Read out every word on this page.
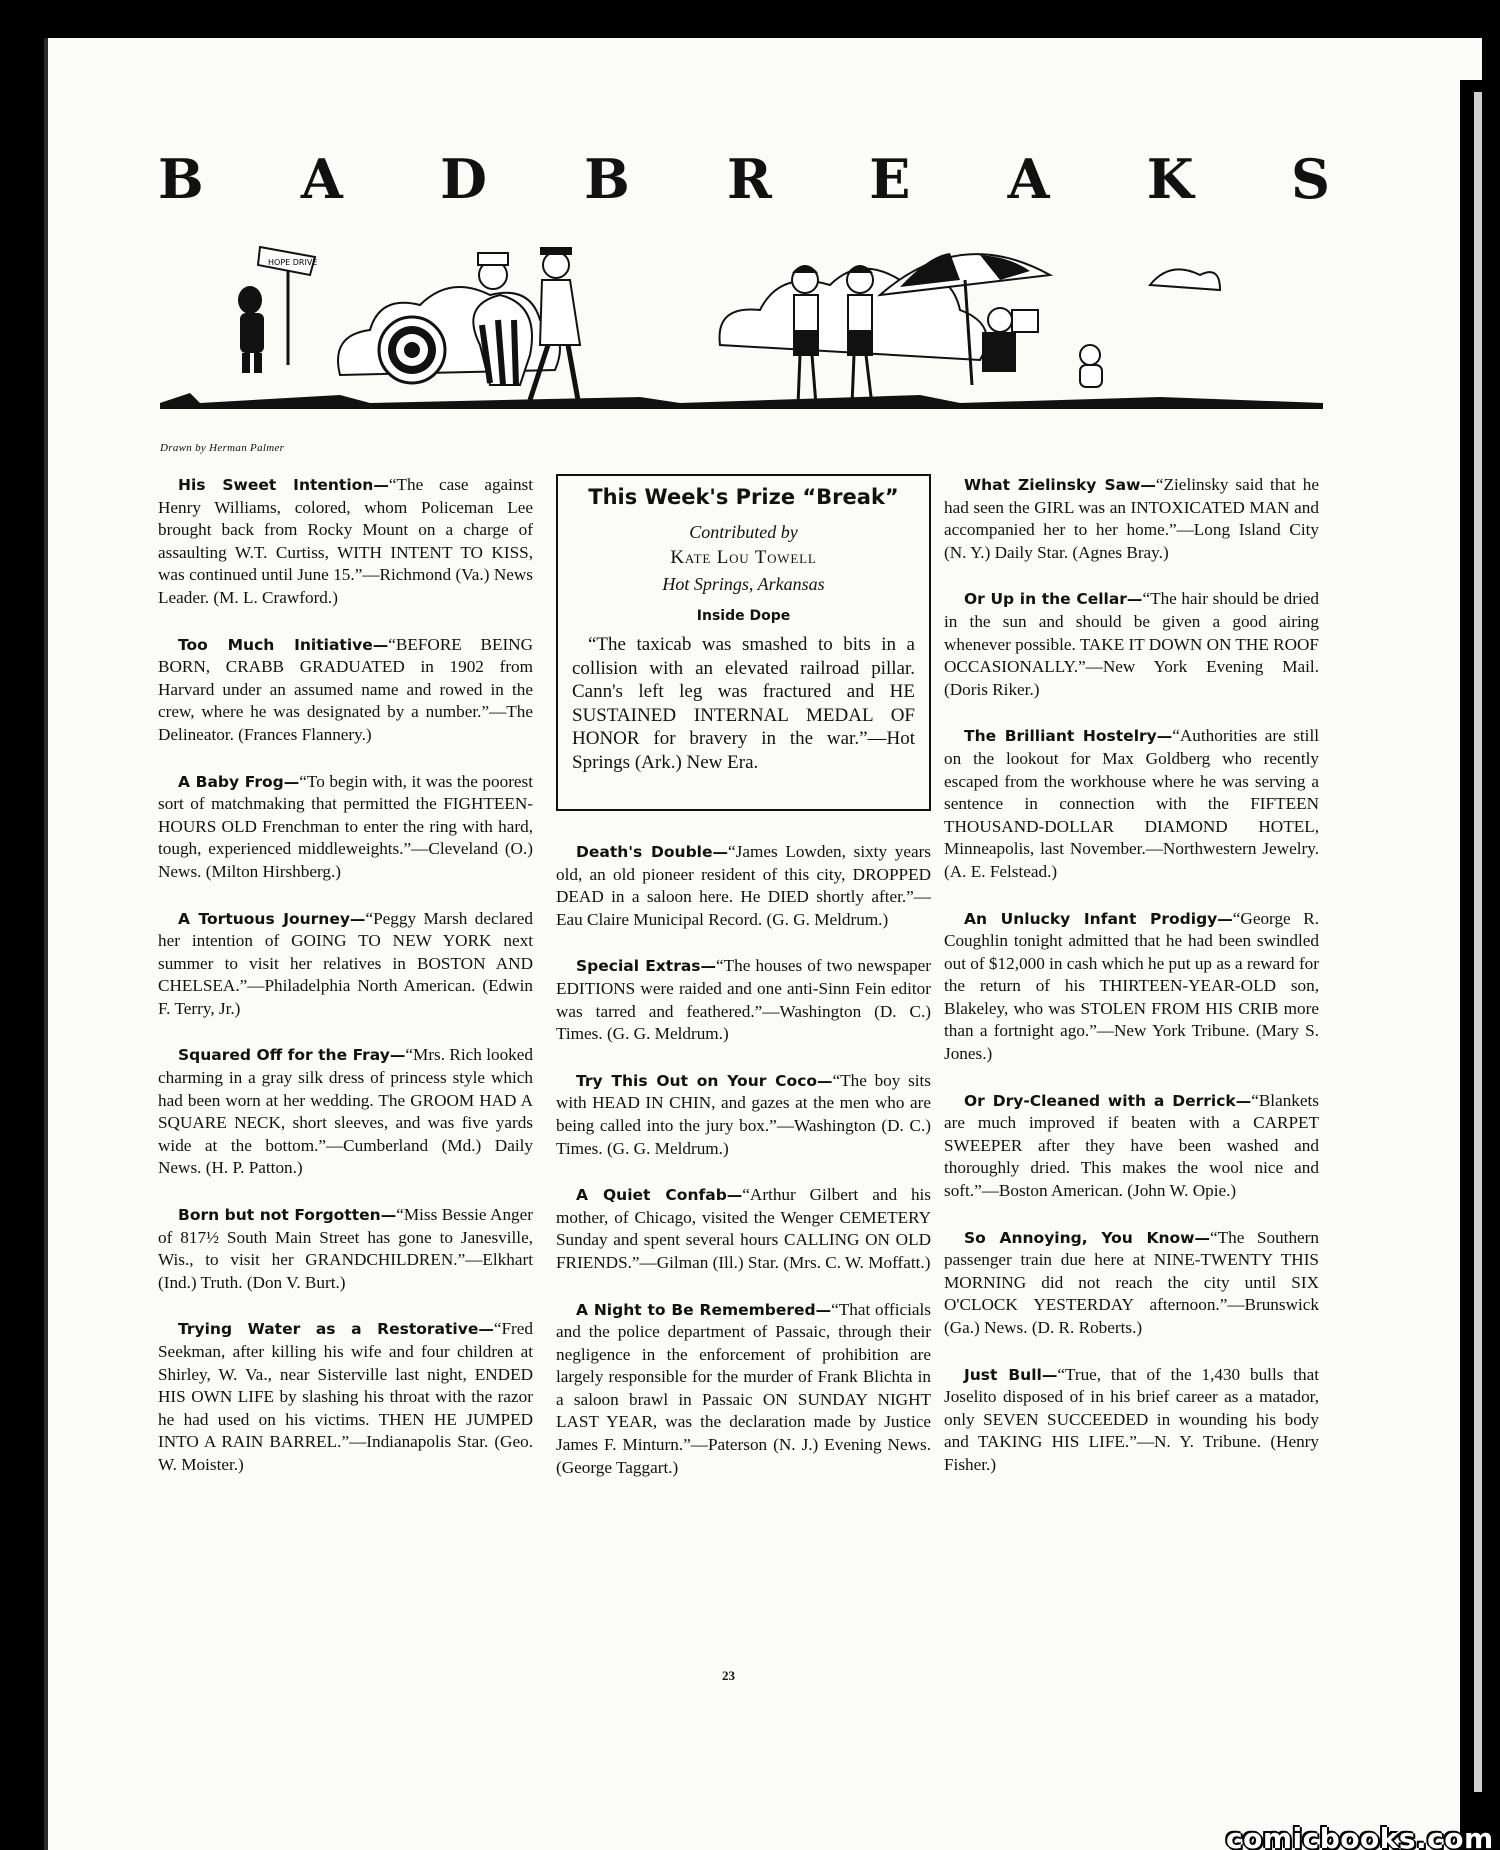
B A D B R E A K S
HOPE DRIVE
Drawn by Herman Palmer

His Sweet Intention—“The case against Henry Williams, colored, whom Policeman Lee brought back from Rocky Mount on a charge of assaulting W.T. Curtiss, WITH INTENT TO KISS, was continued until June 15.”—Richmond (Va.) News Leader. (M. L. Crawford.)

Too Much Initiative—“BEFORE BEING BORN, CRABB GRADUATED in 1902 from Harvard under an assumed name and rowed in the crew, where he was designated by a number.”—The Delineator. (Frances Flannery.)

A Baby Frog—“To begin with, it was the poorest sort of matchmaking that permitted the FIGHTEEN-HOURS OLD Frenchman to enter the ring with hard, tough, experienced middleweights.”—Cleveland (O.) News. (Milton Hirshberg.)

A Tortuous Journey—“Peggy Marsh declared her intention of GOING TO NEW YORK next summer to visit her relatives in BOSTON AND CHELSEA.”—Philadelphia North American. (Edwin F. Terry, Jr.)

Squared Off for the Fray—“Mrs. Rich looked charming in a gray silk dress of princess style which had been worn at her wedding. The GROOM HAD A SQUARE NECK, short sleeves, and was five yards wide at the bottom.”—Cumberland (Md.) Daily News. (H. P. Patton.)

Born but not Forgotten—“Miss Bessie Anger of 817½ South Main Street has gone to Janesville, Wis., to visit her GRANDCHILDREN.”—Elkhart (Ind.) Truth. (Don V. Burt.)

Trying Water as a Restorative—“Fred Seekman, after killing his wife and four children at Shirley, W. Va., near Sisterville last night, ENDED HIS OWN LIFE by slashing his throat with the razor he had used on his victims. THEN HE JUMPED INTO A RAIN BARREL.”—Indianapolis Star. (Geo. W. Moister.)

This Week's Prize “Break”
Contributed by
Kate Lou Towell
Hot Springs, Arkansas
Inside Dope
“The taxicab was smashed to bits in a collision with an elevated railroad pillar. Cann's left leg was fractured and HE SUSTAINED INTERNAL MEDAL OF HONOR for bravery in the war.”—Hot Springs (Ark.) New Era.

Death's Double—“James Lowden, sixty years old, an old pioneer resident of this city, DROPPED DEAD in a saloon here. He DIED shortly after.”—Eau Claire Municipal Record. (G. G. Meldrum.)

Special Extras—“The houses of two newspaper EDITIONS were raided and one anti-Sinn Fein editor was tarred and feathered.”—Washington (D. C.) Times. (G. G. Meldrum.)

Try This Out on Your Coco—“The boy sits with HEAD IN CHIN, and gazes at the men who are being called into the jury box.”—Washington (D. C.) Times. (G. G. Meldrum.)

A Quiet Confab—“Arthur Gilbert and his mother, of Chicago, visited the Wenger CEMETERY Sunday and spent several hours CALLING ON OLD FRIENDS.”—Gilman (Ill.) Star. (Mrs. C. W. Moffatt.)

A Night to Be Remembered—“That officials and the police department of Passaic, through their negligence in the enforcement of prohibition are largely responsible for the murder of Frank Blichta in a saloon brawl in Passaic ON SUNDAY NIGHT LAST YEAR, was the declaration made by Justice James F. Minturn.”—Paterson (N. J.) Evening News. (George Taggart.)

What Zielinsky Saw—“Zielinsky said that he had seen the GIRL was an INTOXICATED MAN and accompanied her to her home.”—Long Island City (N. Y.) Daily Star. (Agnes Bray.)

Or Up in the Cellar—“The hair should be dried in the sun and should be given a good airing whenever possible. TAKE IT DOWN ON THE ROOF OCCASIONALLY.”—New York Evening Mail. (Doris Riker.)

The Brilliant Hostelry—“Authorities are still on the lookout for Max Goldberg who recently escaped from the workhouse where he was serving a sentence in connection with the FIFTEEN THOUSAND-DOLLAR DIAMOND HOTEL, Minneapolis, last November.—Northwestern Jewelry. (A. E. Felstead.)

An Unlucky Infant Prodigy—“George R. Coughlin tonight admitted that he had been swindled out of $12,000 in cash which he put up as a reward for the return of his THIRTEEN-YEAR-OLD son, Blakeley, who was STOLEN FROM HIS CRIB more than a fortnight ago.”—New York Tribune. (Mary S. Jones.)

Or Dry-Cleaned with a Derrick—“Blankets are much improved if beaten with a CARPET SWEEPER after they have been washed and thoroughly dried. This makes the wool nice and soft.”—Boston American. (John W. Opie.)

So Annoying, You Know—“The Southern passenger train due here at NINE-TWENTY THIS MORNING did not reach the city until SIX O'CLOCK YESTERDAY afternoon.”—Brunswick (Ga.) News. (D. R. Roberts.)

Just Bull—“True, that of the 1,430 bulls that Joselito disposed of in his brief career as a matador, only SEVEN SUCCEEDED in wounding his body and TAKING HIS LIFE.”—N. Y. Tribune. (Henry Fisher.)

23
comicbooks.com
